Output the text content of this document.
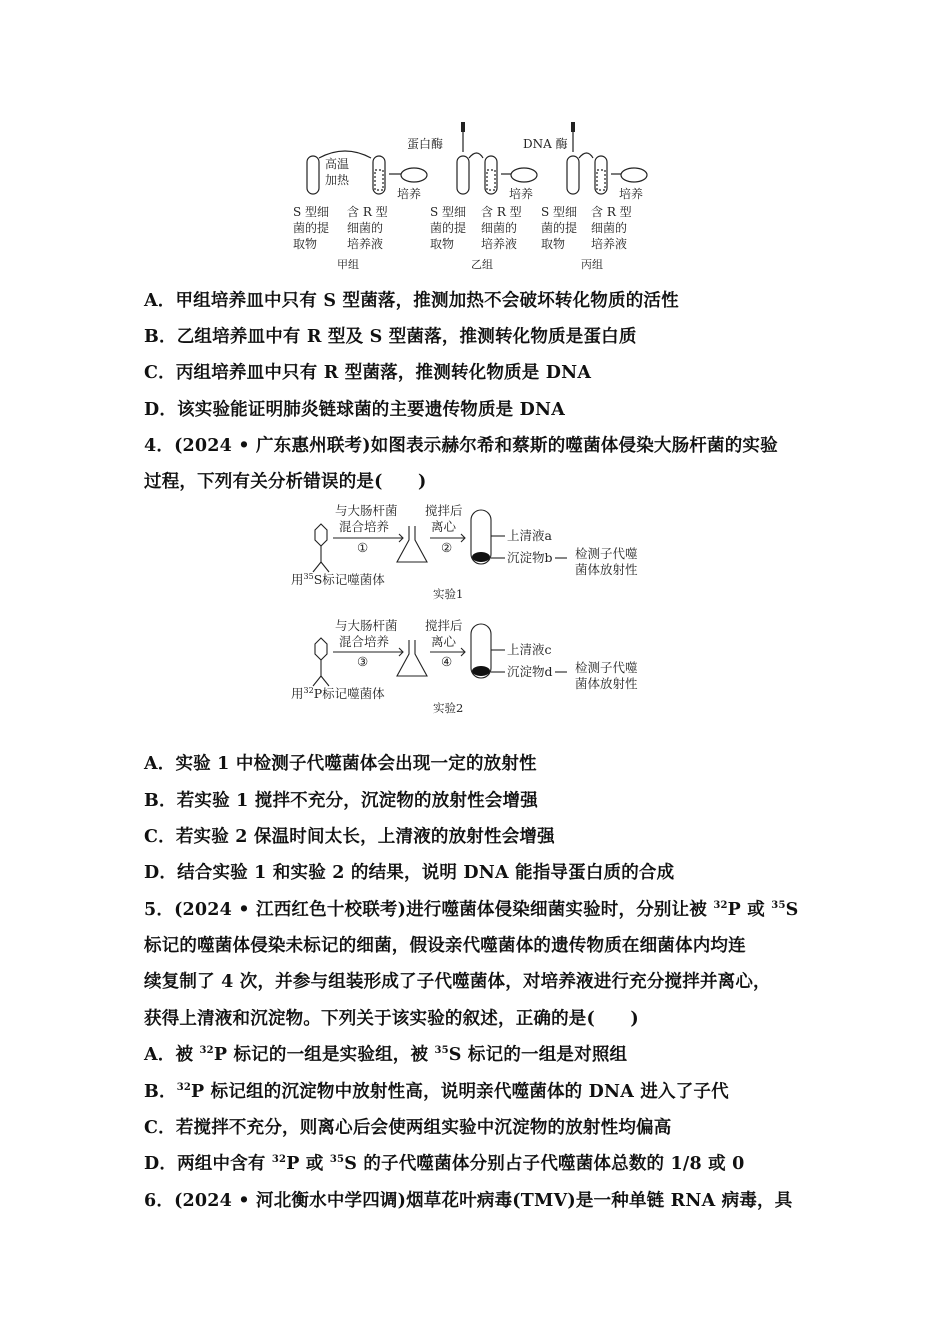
蛋白酶	DNA 酶
高温
加热
培养	培养	培养
S 型细
菌的提
取物
含 R 型
细菌的
培养液
S 型细
菌的提
取物
含 R 型
细菌的
培养液
S 型细
菌的提
取物
含 R 型
细菌的
培养液
甲组	乙组	丙组
A．甲组培养皿中只有 S 型菌落，推测加热不会破坏转化物质的活性
B．乙组培养皿中有 R 型及 S 型菌落，推测转化物质是蛋白质
C．丙组培养皿中只有 R 型菌落，推测转化物质是 DNA
D．该实验能证明肺炎链球菌的主要遗传物质是 DNA
4．(2024 • 广东惠州联考)如图表示赫尔希和蔡斯的噬菌体侵染大肠杆菌的实验
过程，下列有关分析错误的是(　　)
与大肠杆菌
混合培养
①
搅拌后
离心
②
上清液a
沉淀物b 检测子代噬
菌体放射性
用$^{35}$S标记噬菌体
实验1
与大肠杆菌
混合培养
③
搅拌后
离心
④
上清液c
沉淀物d 检测子代噬
菌体放射性
用$^{32}$P标记噬菌体
实验2
A．实验 1 中检测子代噬菌体会出现一定的放射性
B．若实验 1 搅拌不充分，沉淀物的放射性会增强
C．若实验 2 保温时间太长，上清液的放射性会增强
D．结合实验 1 和实验 2 的结果，说明 DNA 能指导蛋白质的合成
5．(2024 • 江西红色十校联考)进行噬菌体侵染细菌实验时，分别让被 $^{32}$P 或 $^{35}$S
标记的噬菌体侵染未标记的细菌，假设亲代噬菌体的遗传物质在细菌体内均连
续复制了 4 次，并参与组装形成了子代噬菌体，对培养液进行充分搅拌并离心，
获得上清液和沉淀物。下列关于该实验的叙述，正确的是(　　)
A．被 $^{32}$P 标记的一组是实验组，被 $^{35}$S 标记的一组是对照组
B．$^{32}$P 标记组的沉淀物中放射性高，说明亲代噬菌体的 DNA 进入了子代
C．若搅拌不充分，则离心后会使两组实验中沉淀物的放射性均偏高
D．两组中含有 $^{32}$P 或 $^{35}$S 的子代噬菌体分别占子代噬菌体总数的 1/8 或 0
6．(2024 • 河北衡水中学四调)烟草花叶病毒(TMV)是一种单链 RNA 病毒，具
